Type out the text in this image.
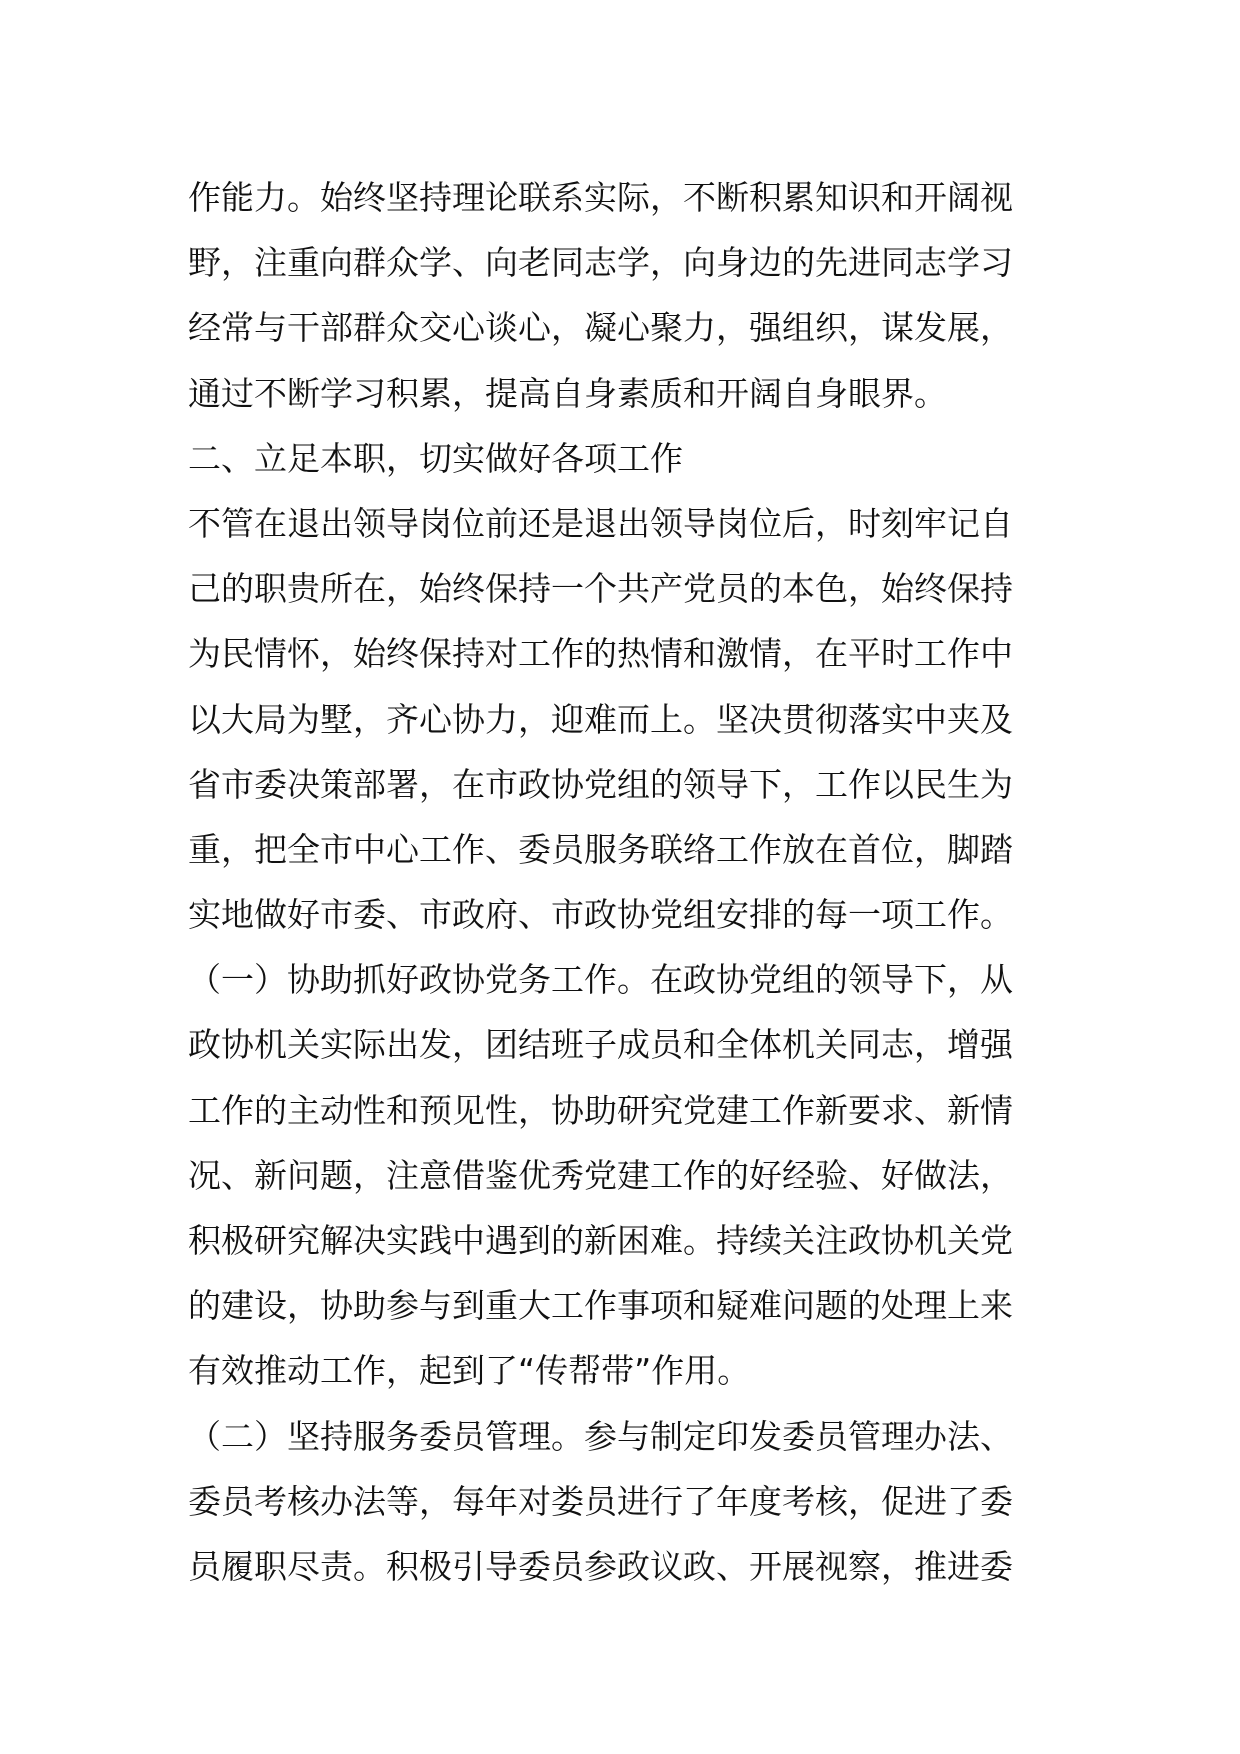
作能力。始终坚持理论联系实际，不断积累知识和开阔视
野，注重向群众学、向老同志学，向身边的先进同志学习
经常与干部群众交心谈心，凝心聚力，强组织，谋发展，
通过不断学习积累，提高自身素质和开阔自身眼界。
二、立足本职，切实做好各项工作
不管在退出领导岗位前还是退出领导岗位后，时刻牢记自
己的职贵所在，始终保持一个共产党员的本色，始终保持
为民情怀，始终保持对工作的热情和激情，在平时工作中
以大局为墅，齐心协力，迎难而上。坚决贯彻落实中夹及
省市委决策部署，在市政协党组的领导下，工作以民生为
重，把全市中心工作、委员服务联络工作放在首位，脚踏
实地做好市委、市政府、市政协党组安排的每一项工作。
（一）协助抓好政协党务工作。在政协党组的领导下，从
政协机关实际出发，团结班子成员和全体机关同志，增强
工作的主动性和预见性，协助研究党建工作新要求、新情
况、新问题，注意借鉴优秀党建工作的好经验、好做法，
积极研究解决实践中遇到的新困难。持续关注政协机关党
的建设，协助参与到重大工作事项和疑难问题的处理上来
有效推动工作，起到了“传帮带”作用。
（二）坚持服务委员管理。参与制定印发委员管理办法、
委员考核办法等，每年对娄员进行了年度考核，促进了委
员履职尽责。积极引导委员参政议政、开展视察，推进委
